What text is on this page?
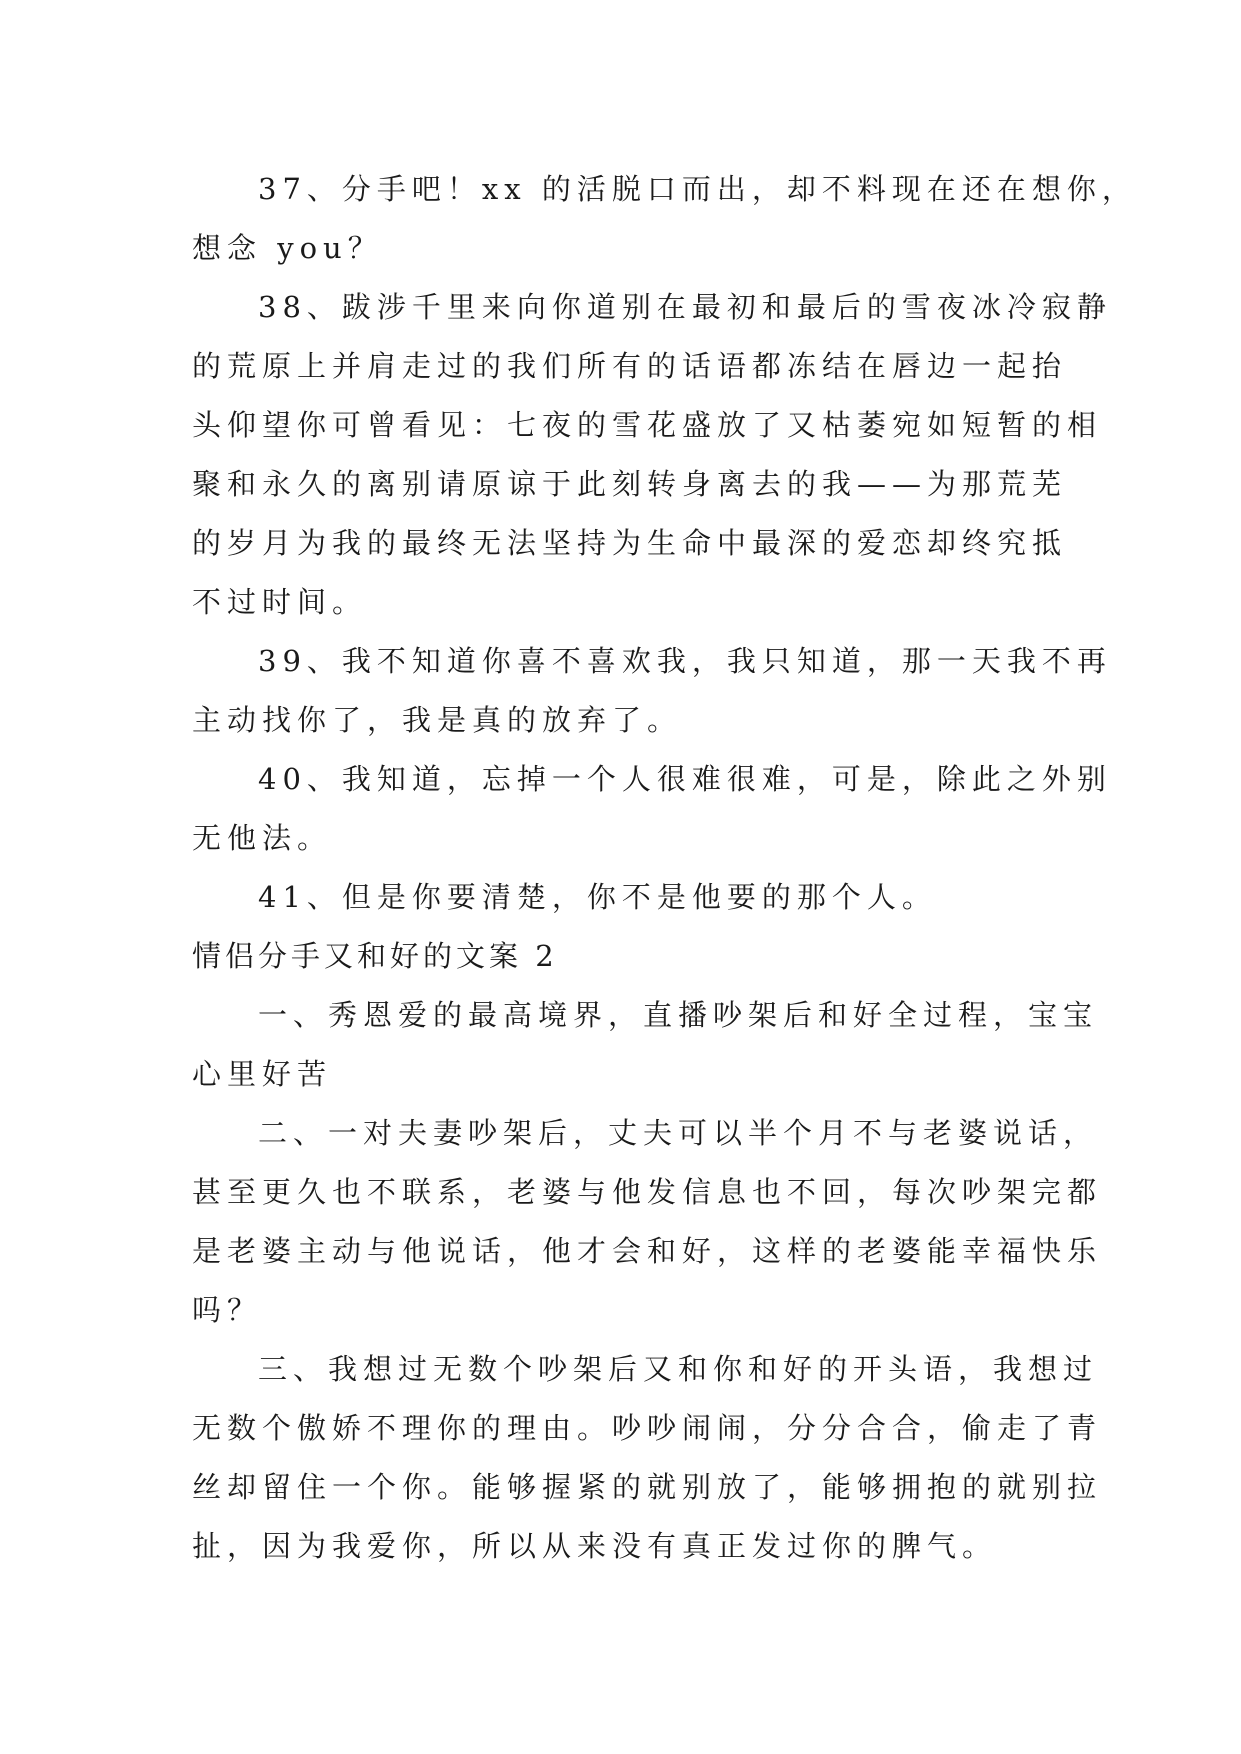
37、分手吧！xx 的活脱口而出，却不料现在还在想你，
想念 you？
38、跋涉千里来向你道别在最初和最后的雪夜冰冷寂静
的荒原上并肩走过的我们所有的话语都冻结在唇边一起抬
头仰望你可曾看见：七夜的雪花盛放了又枯萎宛如短暂的相
聚和永久的离别请原谅于此刻转身离去的我——为那荒芜
的岁月为我的最终无法坚持为生命中最深的爱恋却终究抵
不过时间。
39、我不知道你喜不喜欢我，我只知道，那一天我不再
主动找你了，我是真的放弃了。
40、我知道，忘掉一个人很难很难，可是，除此之外别
无他法。
41、但是你要清楚，你不是他要的那个人。
情侣分手又和好的文案 2
一、秀恩爱的最高境界，直播吵架后和好全过程，宝宝
心里好苦
二、一对夫妻吵架后，丈夫可以半个月不与老婆说话，
甚至更久也不联系，老婆与他发信息也不回，每次吵架完都
是老婆主动与他说话，他才会和好，这样的老婆能幸福快乐
吗？
三、我想过无数个吵架后又和你和好的开头语，我想过
无数个傲娇不理你的理由。吵吵闹闹，分分合合，偷走了青
丝却留住一个你。能够握紧的就别放了，能够拥抱的就别拉
扯，因为我爱你，所以从来没有真正发过你的脾气。
